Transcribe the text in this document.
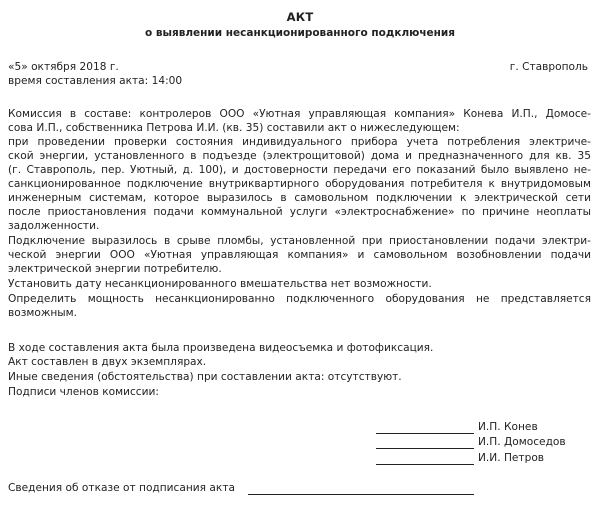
АКТ
о выявлении несанкционированного подключения
«5» октября 2018 г.	г. Ставрополь
время составления акта: 14:00
Комиссия в составе: контролеров ООО «Уютная управляющая компания» Конева И.П., Домосе-
сова И.П., собственника Петрова И.И. (кв. 35) составили акт о нижеследующем:
при проведении проверки состояния индивидуального прибора учета потребления электриче-
ской энергии, установленного в подъезде (электрощитовой) дома и предназначенного для кв. 35
(г. Ставрополь, пер. Уютный, д. 100), и достоверности передачи его показаний было выявлено не-
санкционированное подключение внутриквартирного оборудования потребителя к внутридомовым
инженерным системам, которое выразилось в самовольном подключении к электрической сети
после приостановления подачи коммунальной услуги «электроснабжение» по причине неоплаты
задолженности.
Подключение выразилось в срыве пломбы, установленной при приостановлении подачи электри-
ческой энергии ООО «Уютная управляющая компания» и самовольном возобновлении подачи
электрической энергии потребителю.
Установить дату несанкционированного вмешательства нет возможности.
Определить мощность несанкционированно подключенного оборудования не представляется
возможным.
В ходе составления акта была произведена видеосъемка и фотофиксация.
Акт составлен в двух экземплярах.
Иные сведения (обстоятельства) при составлении акта: отсутствуют.
Подписи членов комиссии:
И.П. Конев
И.П. Домоседов
И.И. Петров
Сведения об отказе от подписания акта
